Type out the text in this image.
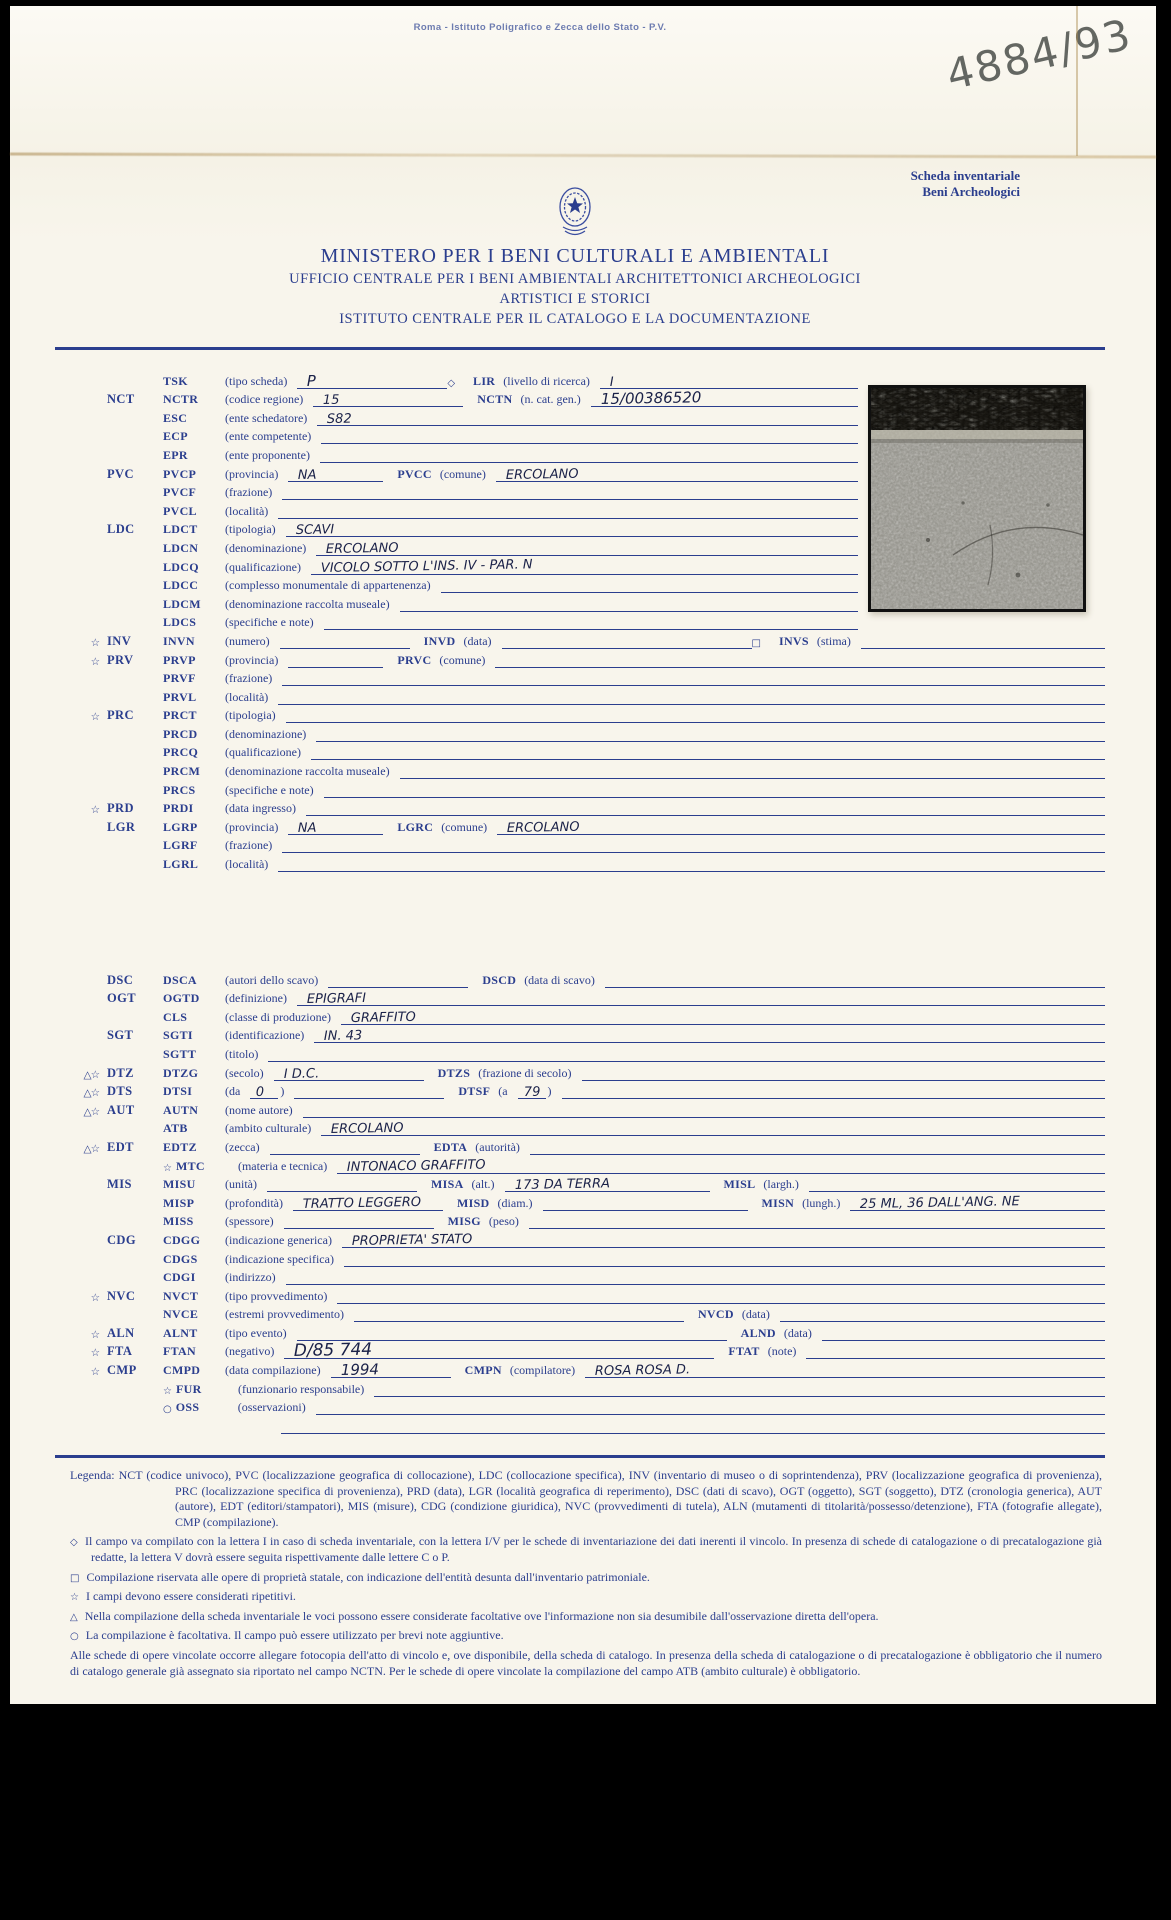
Roma - Istituto Poligrafico e Zecca dello Stato - P.V.	4884/93
Scheda inventariale
Beni Archeologici
MINISTERO PER I BENI CULTURALI E AMBIENTALI
UFFICIO CENTRALE PER I BENI AMBIENTALI ARCHITETTONICI ARCHEOLOGICI
ARTISTICI E STORICI
ISTITUTO CENTRALE PER IL CATALOGO E LA DOCUMENTAZIONE
TSK	(tipo scheda) P	◇ LIR (livello di ricerca) I
NCT	NCTR	(codice regione) 15	NCTN (n. cat. gen.) 15/00386520
ESC	(ente schedatore) S82
ECP	(ente competente)
EPR	(ente proponente)
PVC	PVCP	(provincia) NA	PVCC (comune) ERCOLANO
PVCF	(frazione)
PVCL	(località)
LDC	LDCT	(tipologia) SCAVI
LDCN	(denominazione) ERCOLANO
LDCQ	(qualificazione) VICOLO SOTTO L'INS. IV - PAR. N
LDCC	(complesso monumentale di appartenenza)
LDCM	(denominazione raccolta museale)
LDCS	(specifiche e note)
☆ INV	INVN	(numero)	INVD (data)	□ INVS (stima)
☆ PRV	PRVP	(provincia)	PRVC (comune)
PRVF	(frazione)
PRVL	(località)
☆ PRC	PRCT	(tipologia)
PRCD	(denominazione)
PRCQ	(qualificazione)
PRCM	(denominazione raccolta museale)
PRCS	(specifiche e note)
☆ PRD	PRDI	(data ingresso)
LGR	LGRP	(provincia) NA	LGRC (comune) ERCOLANO
LGRF	(frazione)
LGRL	(località)
DSC	DSCA	(autori dello scavo)	DSCD (data di scavo)
OGT	OGTD	(definizione) EPIGRAFI
CLS	(classe di produzione) GRAFFITO
SGT	SGTI	(identificazione) IN. 43
SGTT	(titolo)
△☆ DTZ	DTZG	(secolo) I D.C.	DTZS (frazione di secolo)
△☆ DTS	DTSI	(da 0 )	DTSF (a 79 )
△☆ AUT	AUTN	(nome autore)
ATB	(ambito culturale) ERCOLANO
△☆ EDT	EDTZ	(zecca)	EDTA (autorità)
☆ MTC	(materia e tecnica) INTONACO GRAFFITO
MIS	MISU	(unità)	MISA (alt.) 173 DA TERRA	MISL (largh.)
MISP	(profondità) TRATTO LEGGERO	MISD (diam.)	MISN (lungh.) 25 ML, 36 DALL'ANG. NE
MISS	(spessore)	MISG (peso)
CDG	CDGG	(indicazione generica) PROPRIETA' STATO
CDGS	(indicazione specifica)
CDGI	(indirizzo)
☆ NVC	NVCT	(tipo provvedimento)
NVCE	(estremi provvedimento)	NVCD (data)
☆ ALN	ALNT	(tipo evento)	ALND (data)
☆ FTA	FTAN	(negativo) D/85 744	FTAT (note)
☆ CMP	CMPD	(data compilazione) 1994	CMPN (compilatore) ROSA ROSA D.
☆ FUR	(funzionario responsabile)
○ OSS	(osservazioni)

Legenda: NCT (codice univoco), PVC (localizzazione geografica di collocazione), LDC (collocazione specifica), INV (inventario di museo o di soprintendenza), PRV (localizzazione geografica di provenienza), PRC (localizzazione specifica di provenienza), PRD (data), LGR (località geografica di reperimento), DSC (dati di scavo), OGT (oggetto), SGT (soggetto), DTZ (cronologia generica), AUT (autore), EDT (editori/stampatori), MIS (misure), CDG (condizione giuridica), NVC (provvedimenti di tutela), ALN (mutamenti di titolarità/possesso/detenzione), FTA (fotografie allegate), CMP (compilazione).

◇ Il campo va compilato con la lettera I in caso di scheda inventariale, con la lettera I/V per le schede di inventariazione dei dati inerenti il vincolo. In presenza di schede di catalogazione o di precatalogazione già redatte, la lettera V dovrà essere seguita rispettivamente dalle lettere C o P.

□ Compilazione riservata alle opere di proprietà statale, con indicazione dell'entità desunta dall'inventario patrimoniale.

☆ I campi devono essere considerati ripetitivi.

△ Nella compilazione della scheda inventariale le voci possono essere considerate facoltative ove l'informazione non sia desumibile dall'osservazione diretta dell'opera.

○ La compilazione è facoltativa. Il campo può essere utilizzato per brevi note aggiuntive.

Alle schede di opere vincolate occorre allegare fotocopia dell'atto di vincolo e, ove disponibile, della scheda di catalogo. In presenza della scheda di catalogazione o di precatalogazione è obbligatorio che il numero di catalogo generale già assegnato sia riportato nel campo NCTN. Per le schede di opere vincolate la compilazione del campo ATB (ambito culturale) è obbligatorio.
